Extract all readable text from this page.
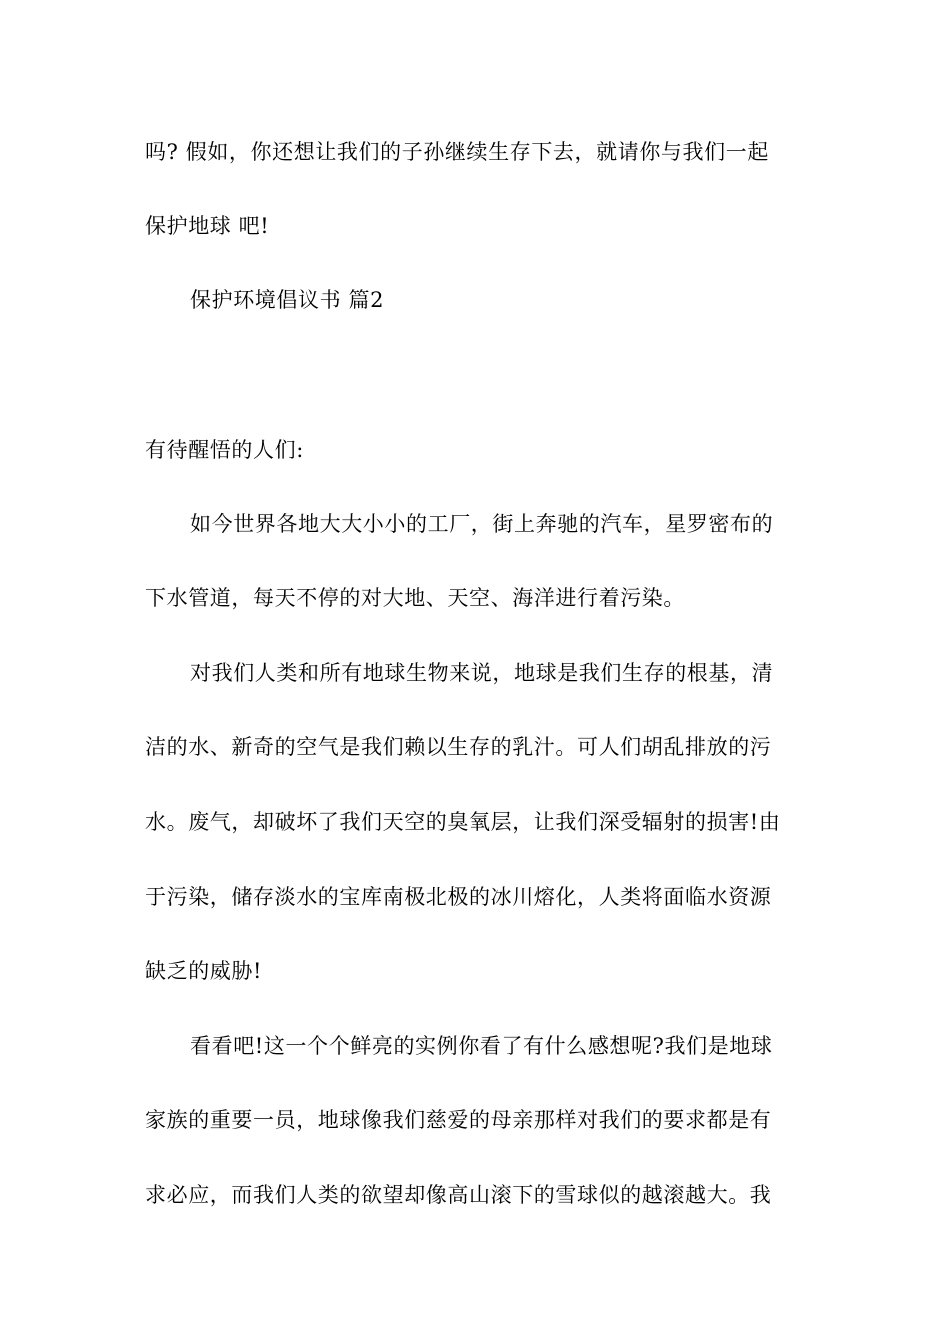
吗? 假如，你还想让我们的子孙继续生存下去，就请你与我们一起
保护地球 吧!
保护环境倡议书 篇2
有待醒悟的人们:
如今世界各地大大小小的工厂，街上奔驰的汽车，星罗密布的
下水管道，每天不停的对大地、天空、海洋进行着污染。
对我们人类和所有地球生物来说，地球是我们生存的根基，清
洁的水、新奇的空气是我们赖以生存的乳汁。可人们胡乱排放的污
水。废气，却破坏了我们天空的臭氧层，让我们深受辐射的损害!由
于污染，储存淡水的宝库南极北极的冰川熔化，人类将面临水资源
缺乏的威胁!
看看吧!这一个个鲜亮的实例你看了有什么感想呢?我们是地球
家族的重要一员，地球像我们慈爱的母亲那样对我们的要求都是有
求必应，而我们人类的欲望却像高山滚下的雪球似的越滚越大。我
